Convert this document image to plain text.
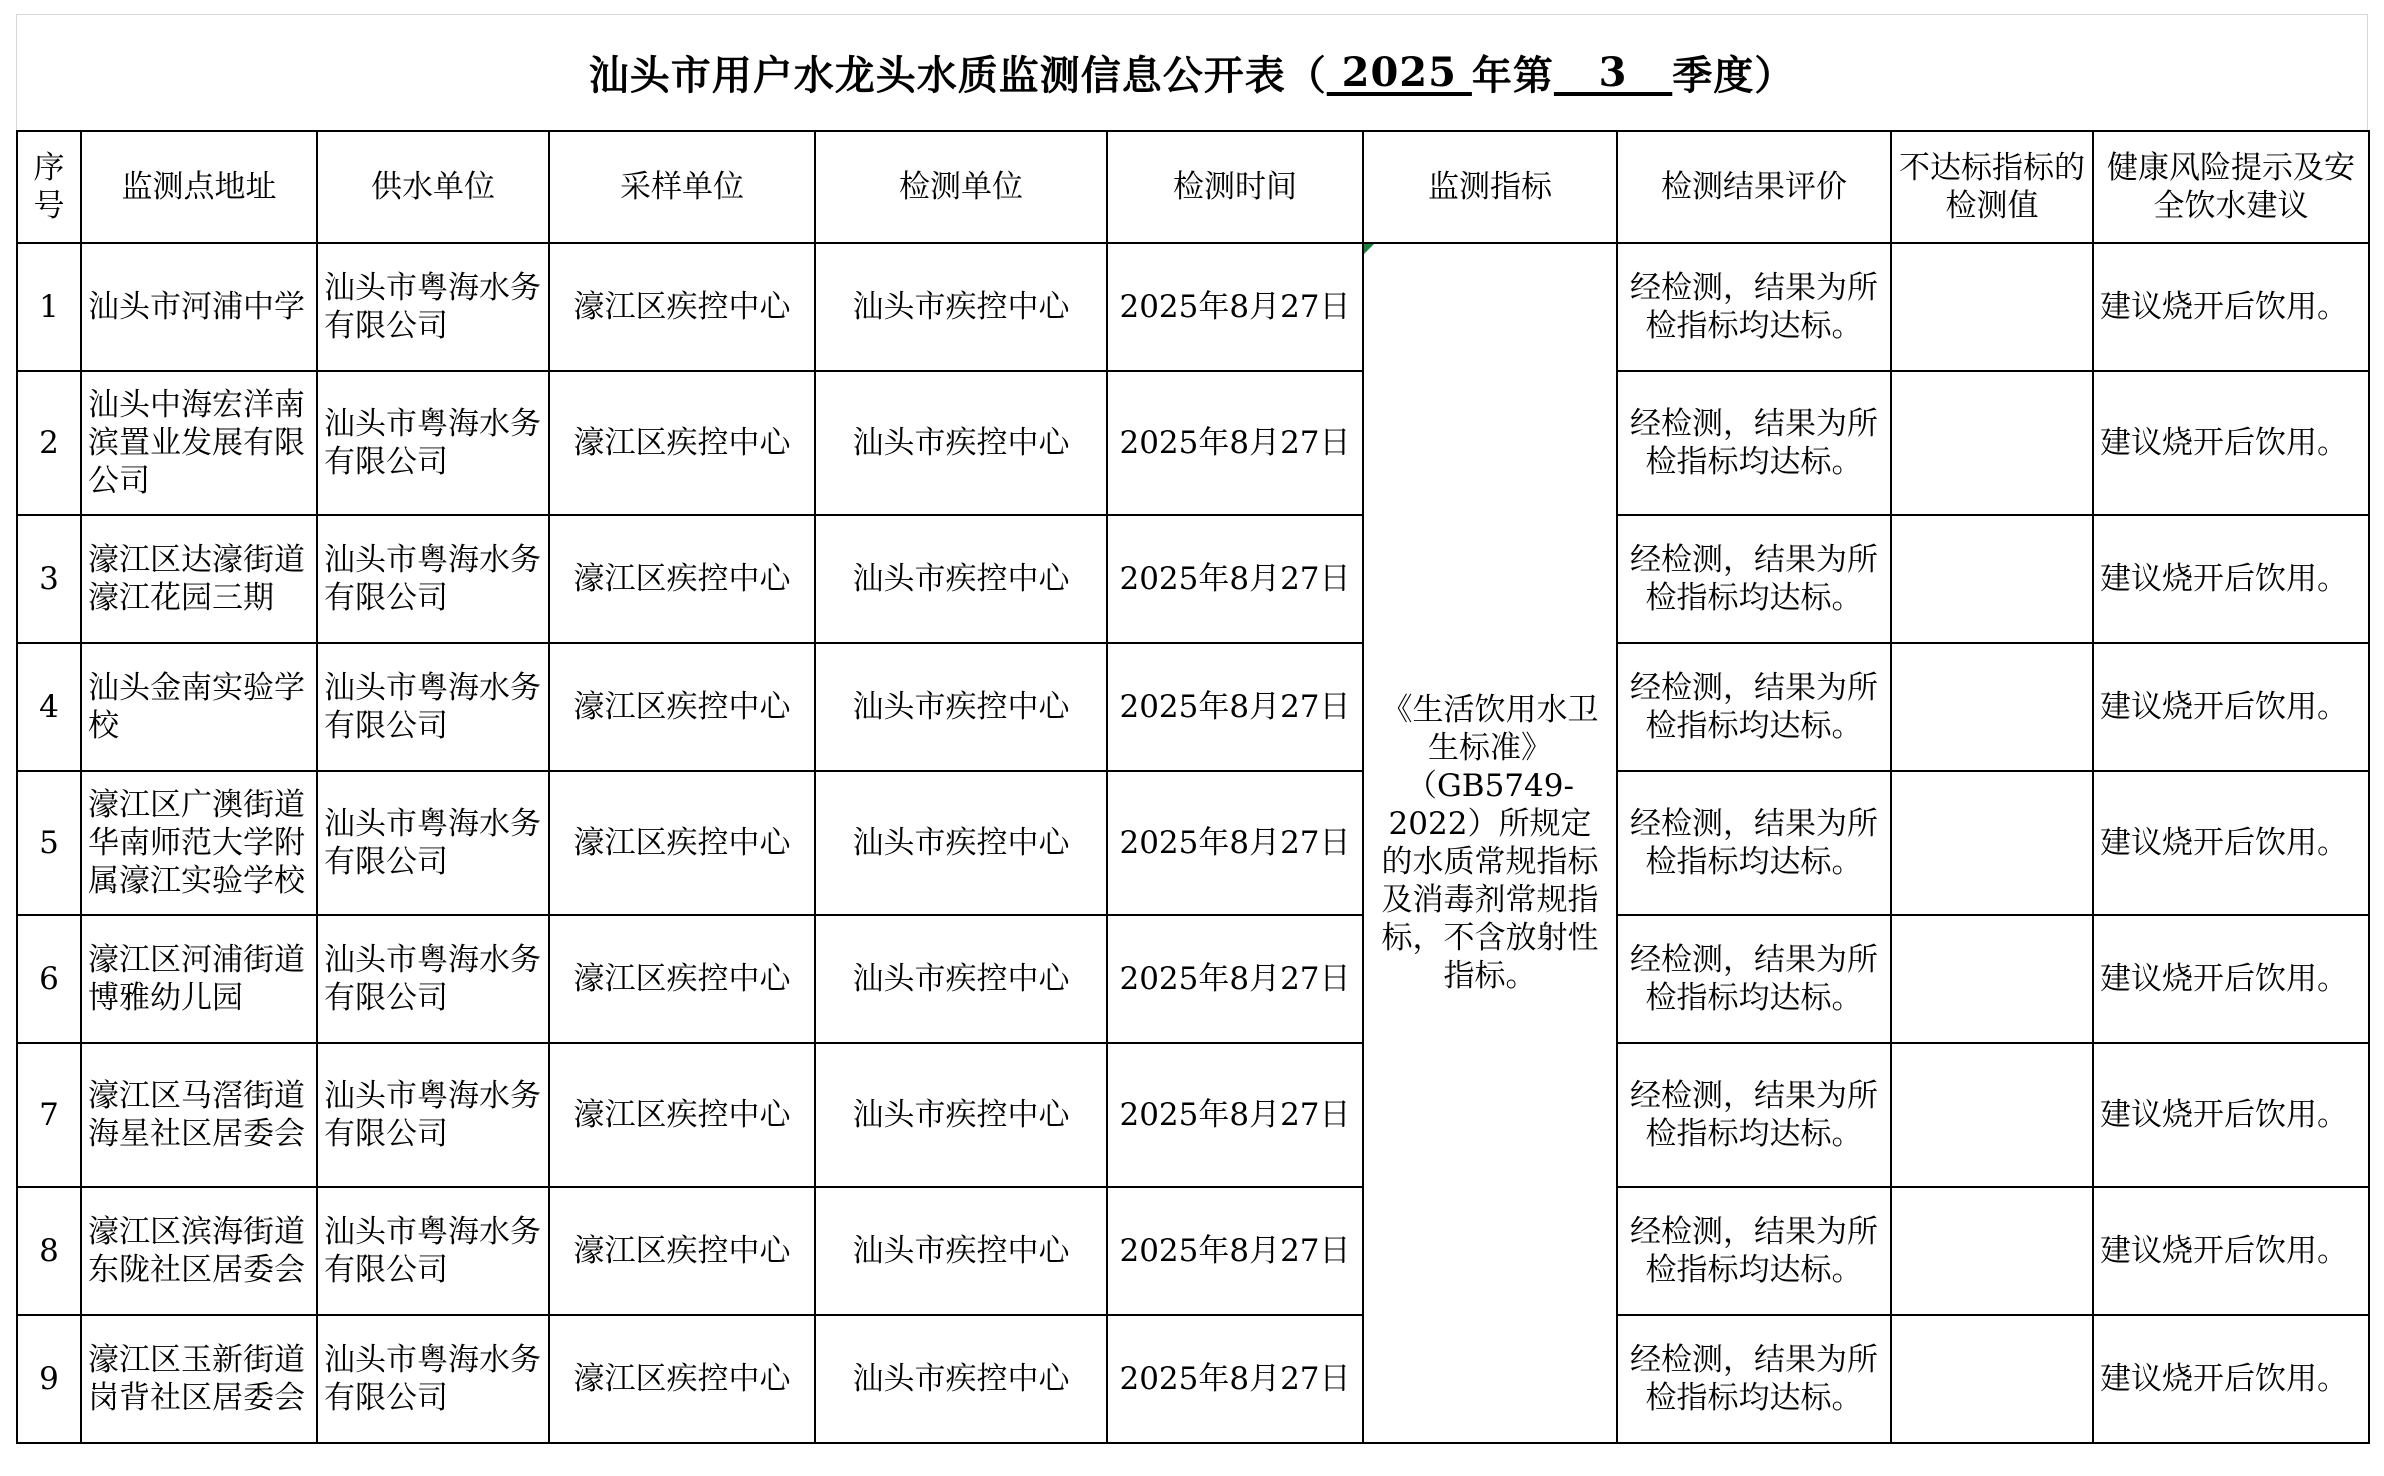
汕头市用户水龙头水质监测信息公开表（ 2025 年第 3 季度）
序号	监测点地址	供水单位	采样单位	检测单位	检测时间	监测指标	检测结果评价	不达标指标的检测值	健康风险提示及安全饮水建议
1	汕头市河浦中学	汕头市粤海水务有限公司	濠江区疾控中心	汕头市疾控中心	2025年8月27日	《生活饮用水卫生标准》（GB5749-2022）所规定的水质常规指标及消毒剂常规指标，不含放射性指标。	经检测，结果为所检指标均达标。		建议烧开后饮用。
2	汕头中海宏洋南滨置业发展有限公司	汕头市粤海水务有限公司	濠江区疾控中心	汕头市疾控中心	2025年8月27日		经检测，结果为所检指标均达标。		建议烧开后饮用。
3	濠江区达濠街道濠江花园三期	汕头市粤海水务有限公司	濠江区疾控中心	汕头市疾控中心	2025年8月27日		经检测，结果为所检指标均达标。		建议烧开后饮用。
4	汕头金南实验学校	汕头市粤海水务有限公司	濠江区疾控中心	汕头市疾控中心	2025年8月27日		经检测，结果为所检指标均达标。		建议烧开后饮用。
5	濠江区广澳街道华南师范大学附属濠江实验学校	汕头市粤海水务有限公司	濠江区疾控中心	汕头市疾控中心	2025年8月27日		经检测，结果为所检指标均达标。		建议烧开后饮用。
6	濠江区河浦街道博雅幼儿园	汕头市粤海水务有限公司	濠江区疾控中心	汕头市疾控中心	2025年8月27日		经检测，结果为所检指标均达标。		建议烧开后饮用。
7	濠江区马滘街道海星社区居委会	汕头市粤海水务有限公司	濠江区疾控中心	汕头市疾控中心	2025年8月27日		经检测，结果为所检指标均达标。		建议烧开后饮用。
8	濠江区滨海街道东陇社区居委会	汕头市粤海水务有限公司	濠江区疾控中心	汕头市疾控中心	2025年8月27日		经检测，结果为所检指标均达标。		建议烧开后饮用。
9	濠江区玉新街道岗背社区居委会	汕头市粤海水务有限公司	濠江区疾控中心	汕头市疾控中心	2025年8月27日		经检测，结果为所检指标均达标。		建议烧开后饮用。
